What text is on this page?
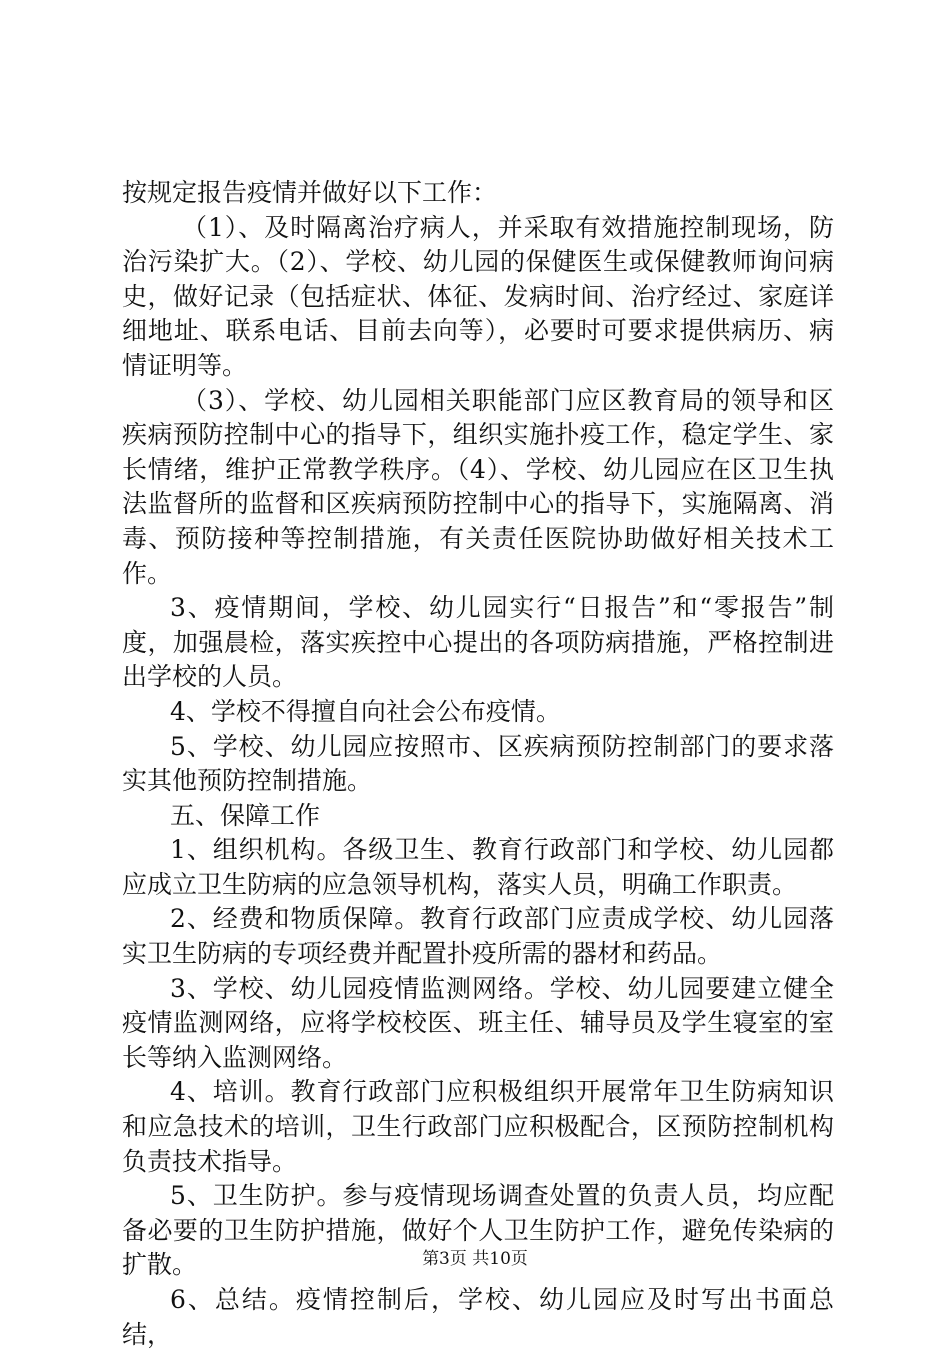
按规定报告疫情并做好以下工作：

（1）、及时隔离治疗病人，并采取有效措施控制现场，防治污染扩大。（2）、学校、幼儿园的保健医生或保健教师询问病史，做好记录（包括症状、体征、发病时间、治疗经过、家庭详细地址、联系电话、目前去向等），必要时可要求提供病历、病情证明等。

（3）、学校、幼儿园相关职能部门应区教育局的领导和区疾病预防控制中心的指导下，组织实施扑疫工作，稳定学生、家长情绪，维护正常教学秩序。（4）、学校、幼儿园应在区卫生执法监督所的监督和区疾病预防控制中心的指导下，实施隔离、消毒、预防接种等控制措施，有关责任医院协助做好相关技术工作。

3、疫情期间，学校、幼儿园实行“日报告”和“零报告”制度，加强晨检，落实疾控中心提出的各项防病措施，严格控制进出学校的人员。

4、学校不得擅自向社会公布疫情。

5、学校、幼儿园应按照市、区疾病预防控制部门的要求落实其他预防控制措施。

五、保障工作

1、组织机构。各级卫生、教育行政部门和学校、幼儿园都应成立卫生防病的应急领导机构，落实人员，明确工作职责。

2、经费和物质保障。教育行政部门应责成学校、幼儿园落实卫生防病的专项经费并配置扑疫所需的器材和药品。

3、学校、幼儿园疫情监测网络。学校、幼儿园要建立健全疫情监测网络，应将学校校医、班主任、辅导员及学生寝室的室长等纳入监测网络。

4、培训。教育行政部门应积极组织开展常年卫生防病知识和应急技术的培训，卫生行政部门应积极配合，区预防控制机构负责技术指导。

5、卫生防护。参与疫情现场调查处置的负责人员，均应配备必要的卫生防护措施，做好个人卫生防护工作，避免传染病的扩散。

6、总结。疫情控制后，学校、幼儿园应及时写出书面总结，

第3页 共10页
